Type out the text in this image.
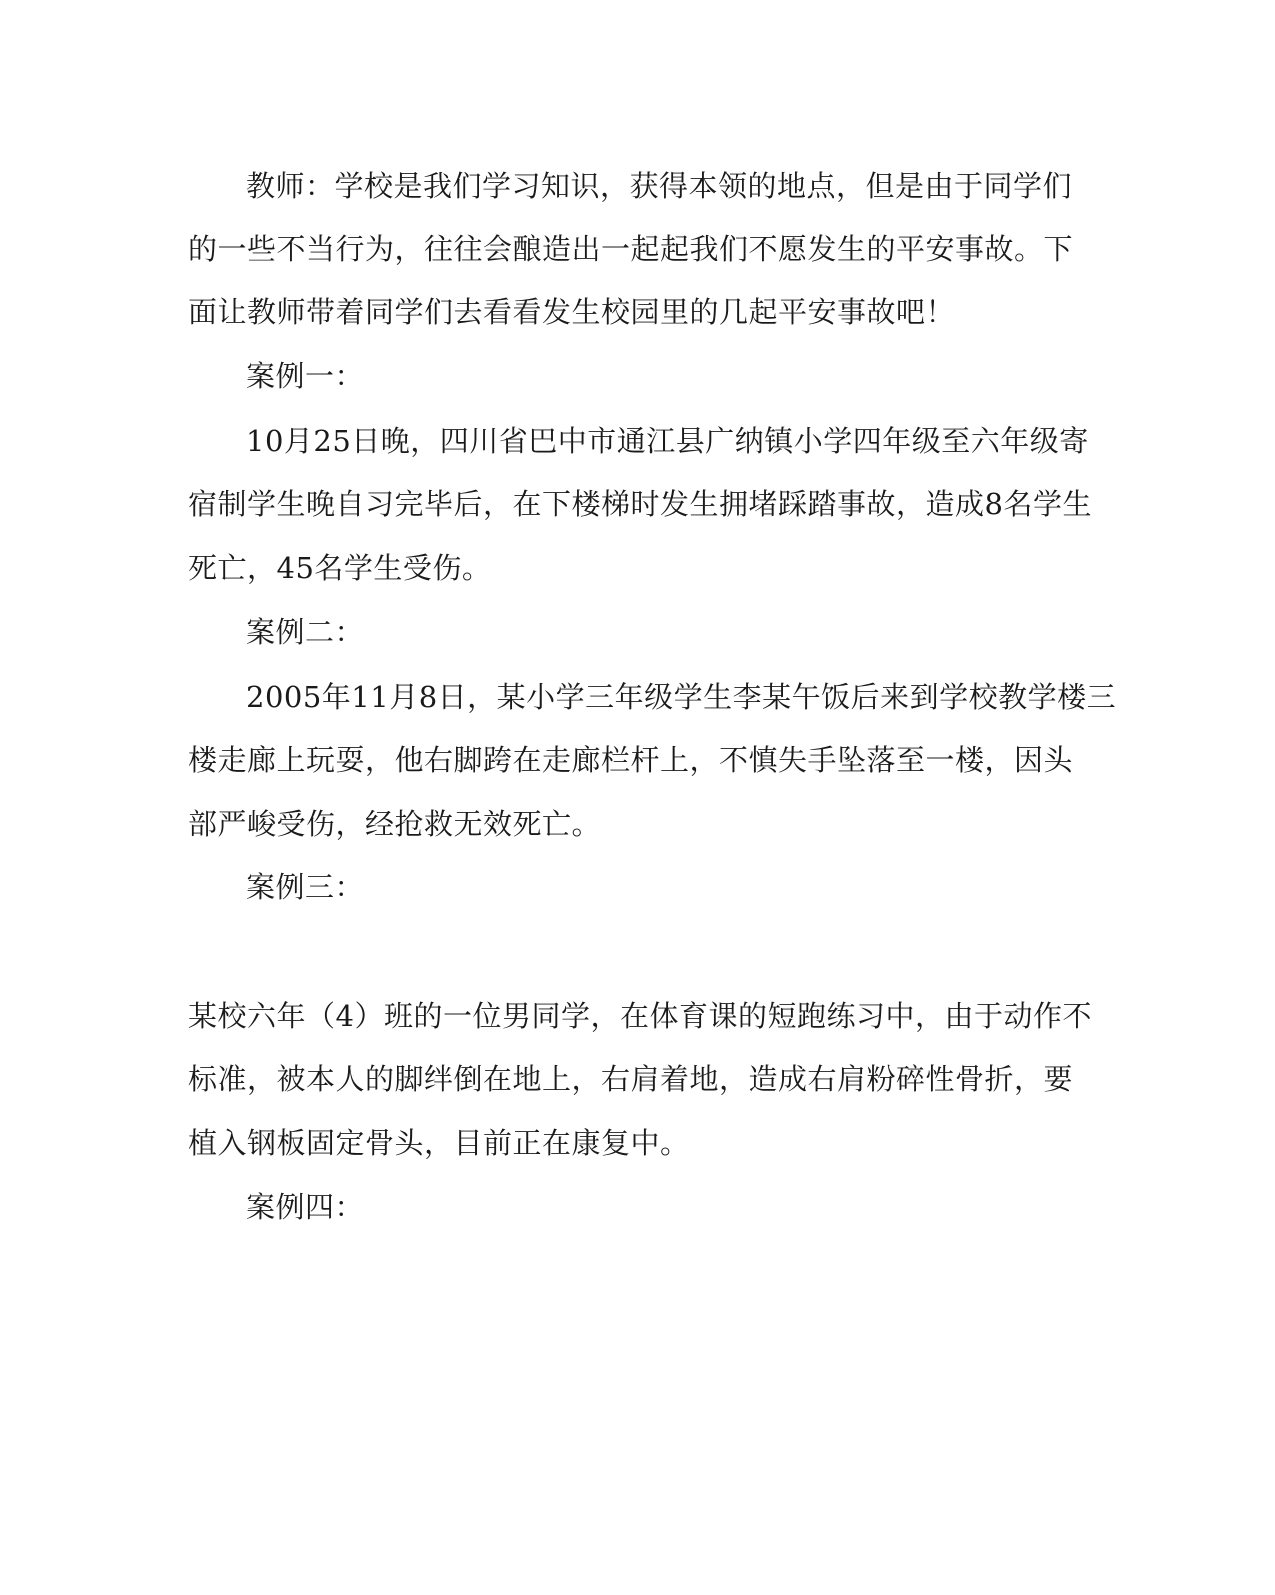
教师：学校是我们学习知识，获得本领的地点，但是由于同学们
的一些不当行为，往往会酿造出一起起我们不愿发生的平安事故。下
面让教师带着同学们去看看发生校园里的几起平安事故吧！
案例一：
10月25日晚，四川省巴中市通江县广纳镇小学四年级至六年级寄
宿制学生晚自习完毕后，在下楼梯时发生拥堵踩踏事故，造成8名学生
死亡，45名学生受伤。
案例二：
2005年11月8日，某小学三年级学生李某午饭后来到学校教学楼三
楼走廊上玩耍，他右脚跨在走廊栏杆上，不慎失手坠落至一楼，因头
部严峻受伤，经抢救无效死亡。
案例三：
某校六年（4）班的一位男同学，在体育课的短跑练习中，由于动作不
标准，被本人的脚绊倒在地上，右肩着地，造成右肩粉碎性骨折，要
植入钢板固定骨头，目前正在康复中。
案例四：
